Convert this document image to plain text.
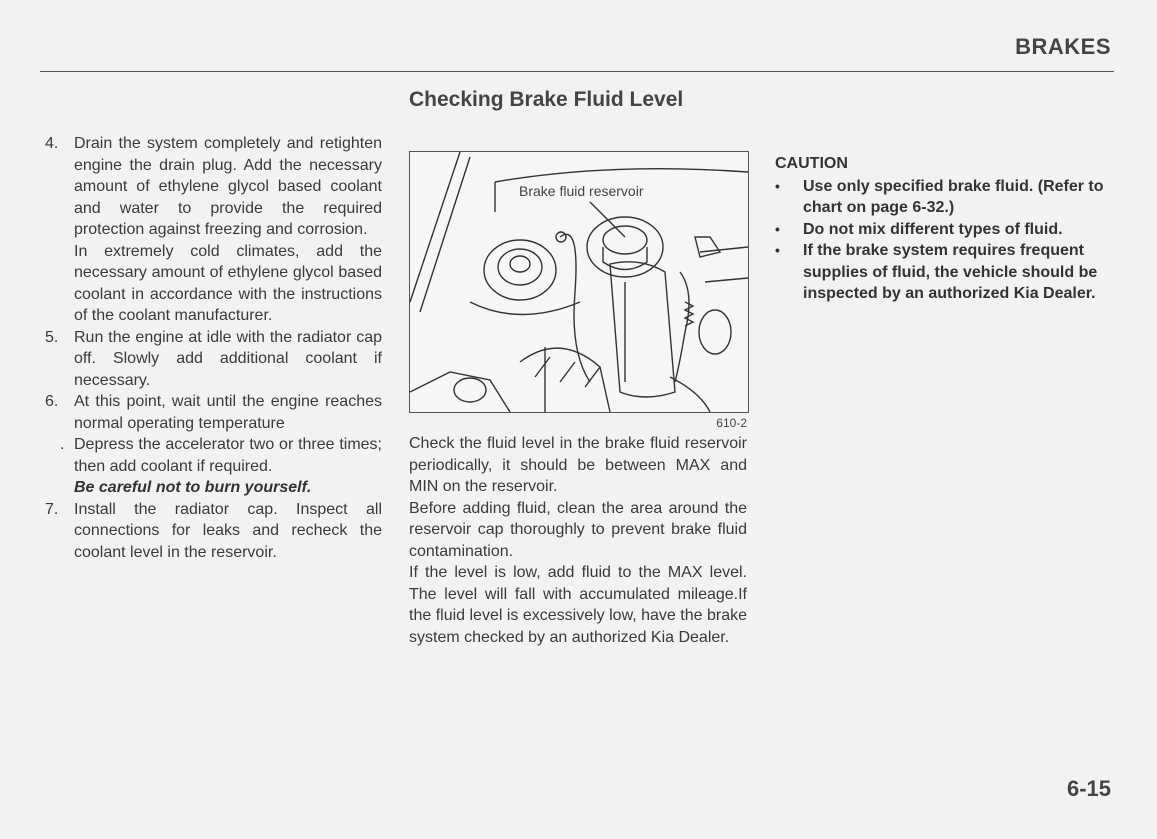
BRAKES
Checking Brake Fluid Level
4. Drain the system completely and retighten engine the drain plug. Add the necessary amount of ethylene glycol based coolant and water to provide the required protection against freezing and corrosion.
In extremely cold climates, add the necessary amount of ethylene glycol based coolant in accordance with the instructions of the coolant manufacturer.
5. Run the engine at idle with the radiator cap off. Slowly add additional coolant if necessary.
6. At this point, wait until the engine reaches normal operating temperature
. Depress the accelerator two or three times; then add coolant if required.
Be careful not to burn yourself.
7. Install the radiator cap. Inspect all connections for leaks and recheck the coolant level in the reservoir.
Brake fluid reservoir
610-2

Check the fluid level in the brake fluid reservoir periodically, it should be between MAX and MIN on the reservoir.

Before adding fluid, clean the area around the reservoir cap thoroughly to prevent brake fluid contamination.

If the level is low, add fluid to the MAX level. The level will fall with accumulated mileage.If the fluid level is excessively low, have the brake system checked by an authorized Kia Dealer.

CAUTION
• Use only specified brake fluid. (Refer to chart on page 6-32.)
• Do not mix different types of fluid.
• If the brake system requires frequent supplies of fluid, the vehicle should be inspected by an authorized Kia Dealer.
6-15
